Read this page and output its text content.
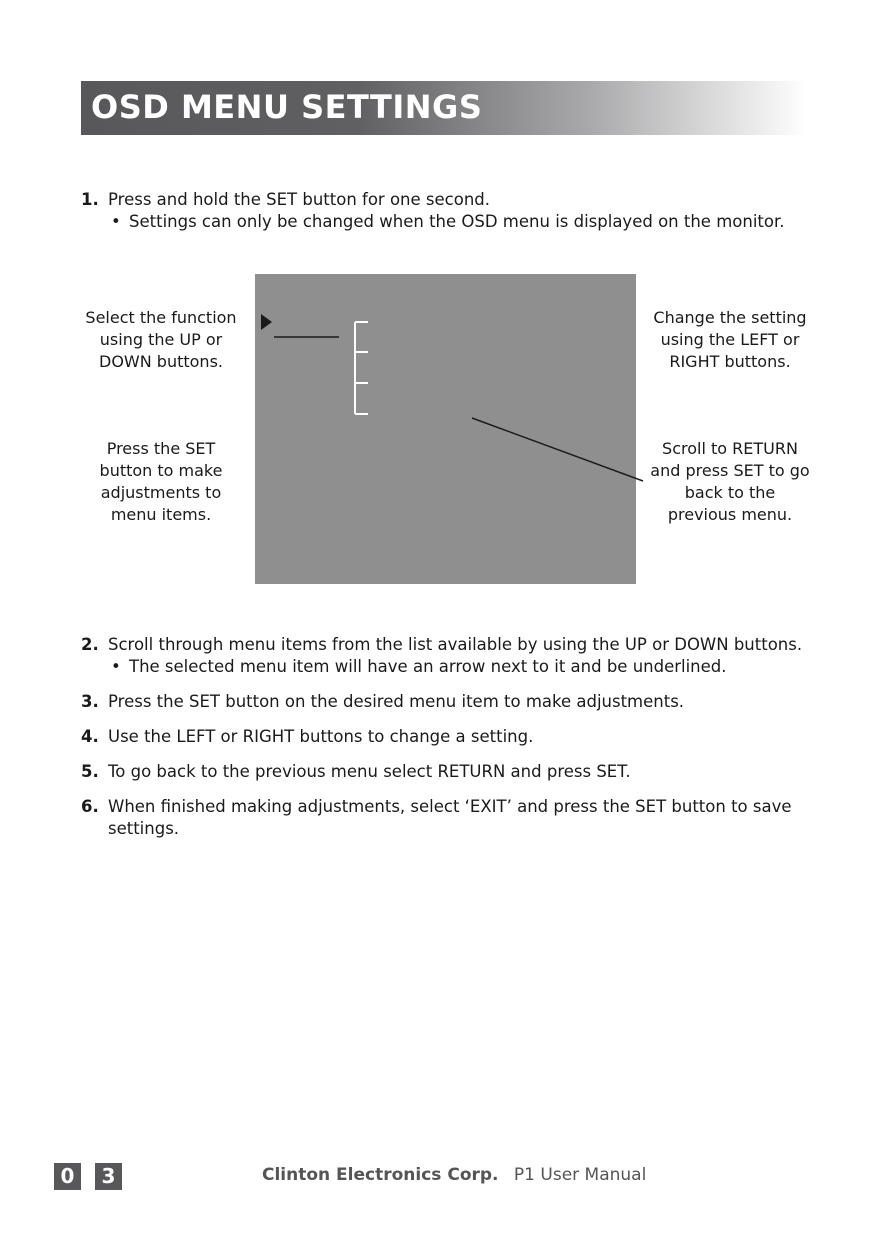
OSD MENU SETTINGS
1. Press and hold the SET button for one second.
• Settings can only be changed when the OSD menu is displayed on the monitor.
Select the function using the UP or DOWN buttons.
Press the SET button to make adjustments to menu items.
Change the setting using the LEFT or RIGHT buttons.
Scroll to RETURN and press SET to go back to the previous menu.
2. Scroll through menu items from the list available by using the UP or DOWN buttons.
• The selected menu item will have an arrow next to it and be underlined.
3. Press the SET button on the desired menu item to make adjustments.
4. Use the LEFT or RIGHT buttons to change a setting.
5. To go back to the previous menu select RETURN and press SET.
6. When finished making adjustments, select ‘EXIT’ and press the SET button to save settings.
0	3	Clinton Electronics Corp. P1 User Manual
